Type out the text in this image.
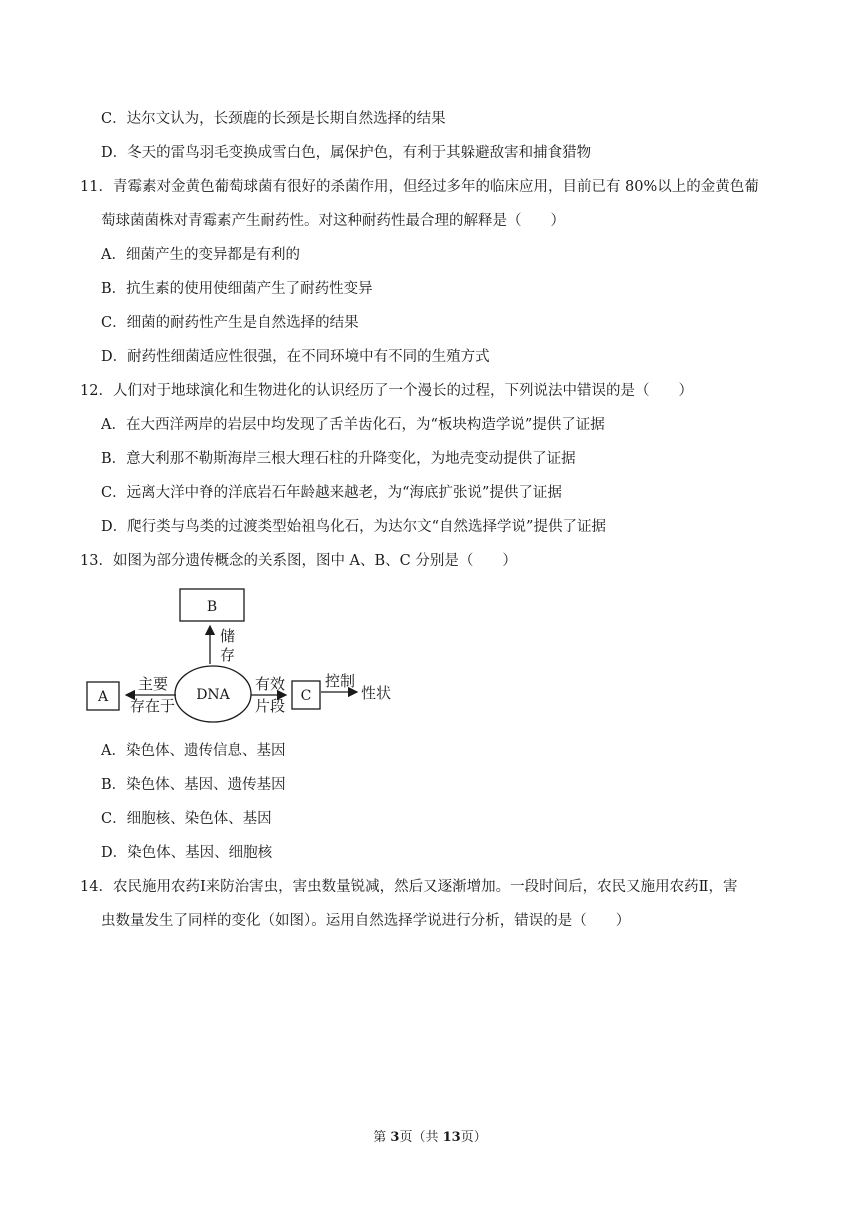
C．达尔文认为，长颈鹿的长颈是长期自然选择的结果
D．冬天的雷鸟羽毛变换成雪白色，属保护色，有利于其躲避敌害和捕食猎物
11．青霉素对金黄色葡萄球菌有很好的杀菌作用，但经过多年的临床应用，目前已有 80%以上的金黄色葡
萄球菌菌株对青霉素产生耐药性。对这种耐药性最合理的解释是（　　）
A．细菌产生的变异都是有利的
B．抗生素的使用使细菌产生了耐药性变异
C．细菌的耐药性产生是自然选择的结果
D．耐药性细菌适应性很强，在不同环境中有不同的生殖方式
12．人们对于地球演化和生物进化的认识经历了一个漫长的过程，下列说法中错误的是（　　）
A．在大西洋两岸的岩层中均发现了舌羊齿化石，为“板块构造学说”提供了证据
B．意大利那不勒斯海岸三根大理石柱的升降变化，为地壳变动提供了证据
C．远离大洋中脊的洋底岩石年龄越来越老，为“海底扩张说”提供了证据
D．爬行类与鸟类的过渡类型始祖鸟化石，为达尔文“自然选择学说”提供了证据
13．如图为部分遗传概念的关系图，图中 A、B、C 分别是（　　）
B
储
存
DNA
A
主要
存在于
有效
片段
C
控制
性状
A．染色体、遗传信息、基因
B．染色体、基因、遗传基因
C．细胞核、染色体、基因
D．染色体、基因、细胞核
14．农民施用农药Ⅰ来防治害虫，害虫数量锐减，然后又逐渐增加。一段时间后，农民又施用农药Ⅱ，害
虫数量发生了同样的变化（如图）。运用自然选择学说进行分析，错误的是（　　）
第 3页（共 13页）
